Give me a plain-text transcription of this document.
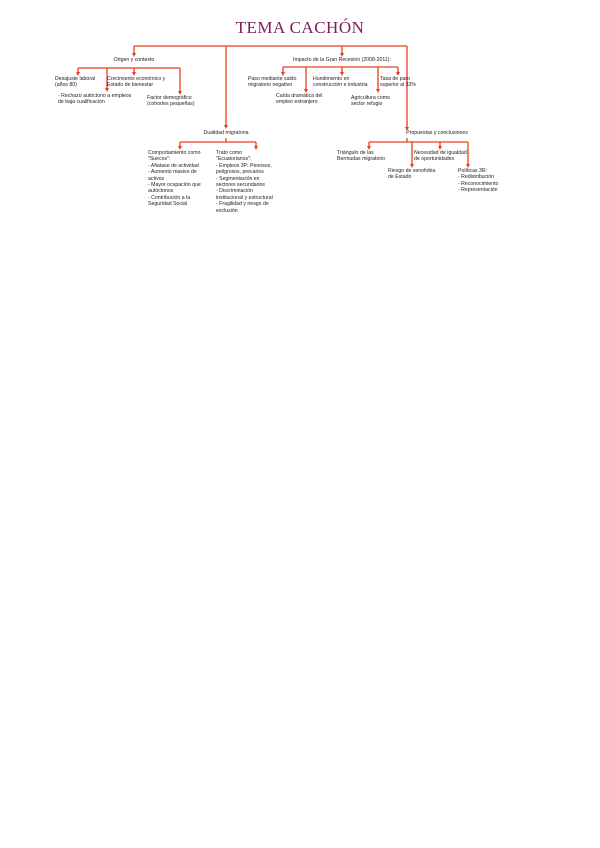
TEMA CACHÓN
Origen y contexto
Desajuste laboral
(años 80)
Crecimiento económico y
Estado de bienestar
- Rechazo autóctono a empleos
de baja cualificación
Factor demográfico
(cohortes pequeñas)
Impacto de la Gran Recesión (2008-2011):
Paso mediante saldo
migratorio negativo
Hundimiento en
construcción e industria
Tasa de paro
superior al 33%
Caída dramática del
empleo extranjero
Agricultura como
sector refugio
Dualidad migratoria
Comportamiento como
"Suecos":
- Afiatase de actividad
- Aumento masivo de
activos
- Mayor ocupación que
autóctonos
- Contribución a la
Seguridad Social
Trato como
"Ecuatorianos":
- Empleos 3P: Penosos,
peligrosos, precarios
- Segmentación en
sectores secundarios
- Discriminación
institucional y estructural
- Fragilidad y riesgo de
exclusión
Propuestas y conclusiones
Triángulo de las
Bermudas migratorio
Necesidad de igualdad
de oportunidades
Riesgo de xenofobia
de Estado
Políticas 3R:
- Redistribución
- Reconocimiento
- Representación
